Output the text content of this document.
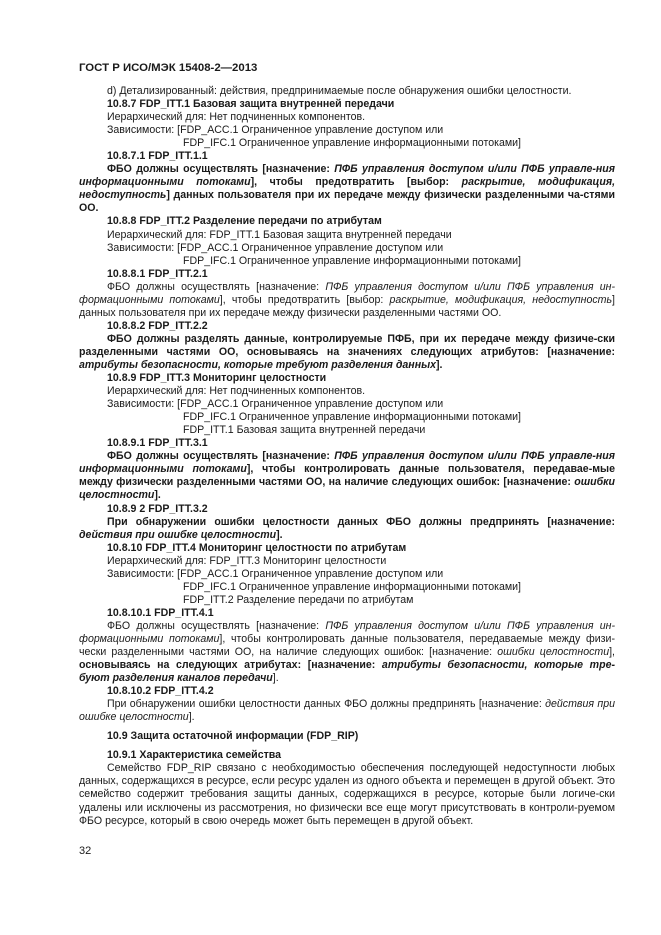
ГОСТ Р ИСО/МЭК 15408-2—2013

d) Детализированный: действия, предпринимаемые после обнаружения ошибки целостности.

10.8.7 FDP_ITT.1 Базовая защита внутренней передачи

Иерархический для: Нет подчиненных компонентов.

Зависимости: [FDP_ACC.1 Ограниченное управление доступом или

FDP_IFC.1 Ограниченное управление информационными потоками]

10.8.7.1 FDP_ITT.1.1

ФБО должны осуществлять [назначение: ПФБ управления доступом и/или ПФБ управле-ния информационными потоками], чтобы предотвратить [выбор: раскрытие, модификация, недоступность] данных пользователя при их передаче между физически разделенными ча-стями ОО.

10.8.8 FDP_ITT.2 Разделение передачи по атрибутам

Иерархический для: FDP_ITT.1 Базовая защита внутренней передачи

Зависимости: [FDP_ACC.1 Ограниченное управление доступом или

FDP_IFC.1 Ограниченное управление информационными потоками]

10.8.8.1 FDP_ITT.2.1

ФБО должны осуществлять [назначение: ПФБ управления доступом и/или ПФБ управления ин-формационными потоками], чтобы предотвратить [выбор: раскрытие, модификация, недоступность] данных пользователя при их передаче между физически разделенными частями ОО.

10.8.8.2 FDP_ITT.2.2

ФБО должны разделять данные, контролируемые ПФБ, при их передаче между физиче-ски разделенными частями ОО, основываясь на значениях следующих атрибутов: [назначение: атрибуты безопасности, которые требуют разделения данных].

10.8.9 FDP_ITT.3 Мониторинг целостности

Иерархический для: Нет подчиненных компонентов.

Зависимости: [FDP_ACC.1 Ограниченное управление доступом или

FDP_IFC.1 Ограниченное управление информационными потоками]

FDP_ITT.1 Базовая защита внутренней передачи

10.8.9.1 FDP_ITT.3.1

ФБО должны осуществлять [назначение: ПФБ управления доступом и/или ПФБ управле-ния информационными потоками], чтобы контролировать данные пользователя, передавае-мые между физически разделенными частями ОО, на наличие следующих ошибок: [назначение: ошибки целостности].

10.8.9 2 FDP_ITT.3.2

При обнаружении ошибки целостности данных ФБО должны предпринять [назначение: действия при ошибке целостности].

10.8.10 FDP_ITT.4 Мониторинг целостности по атрибутам

Иерархический для: FDP_ITT.3 Мониторинг целостности

Зависимости: [FDP_ACC.1 Ограниченное управление доступом или

FDP_IFC.1 Ограниченное управление информационными потоками]

FDP_ITT.2 Разделение передачи по атрибутам

10.8.10.1 FDP_ITT.4.1

ФБО должны осуществлять [назначение: ПФБ управления доступом и/или ПФБ управления ин-формационными потоками], чтобы контролировать данные пользователя, передаваемые между физи-чески разделенными частями ОО, на наличие следующих ошибок: [назначение: ошибки целостности], основываясь на следующих атрибутах: [назначение: атрибуты безопасности, которые тре-буют разделения каналов передачи].

10.8.10.2 FDP_ITT.4.2

При обнаружении ошибки целостности данных ФБО должны предпринять [назначение: действия при ошибке целостности].

10.9 Защита остаточной информации (FDP_RIP)

10.9.1 Характеристика семейства

Семейство FDP_RIP связано с необходимостью обеспечения последующей недоступности любых данных, содержащихся в ресурсе, если ресурс удален из одного объекта и перемещен в другой объект. Это семейство содержит требования защиты данных, содержащихся в ресурсе, которые были логиче-ски удалены или исключены из рассмотрения, но физически все еще могут присутствовать в контроли-руемом ФБО ресурсе, который в свою очередь может быть перемещен в другой объект.

32
